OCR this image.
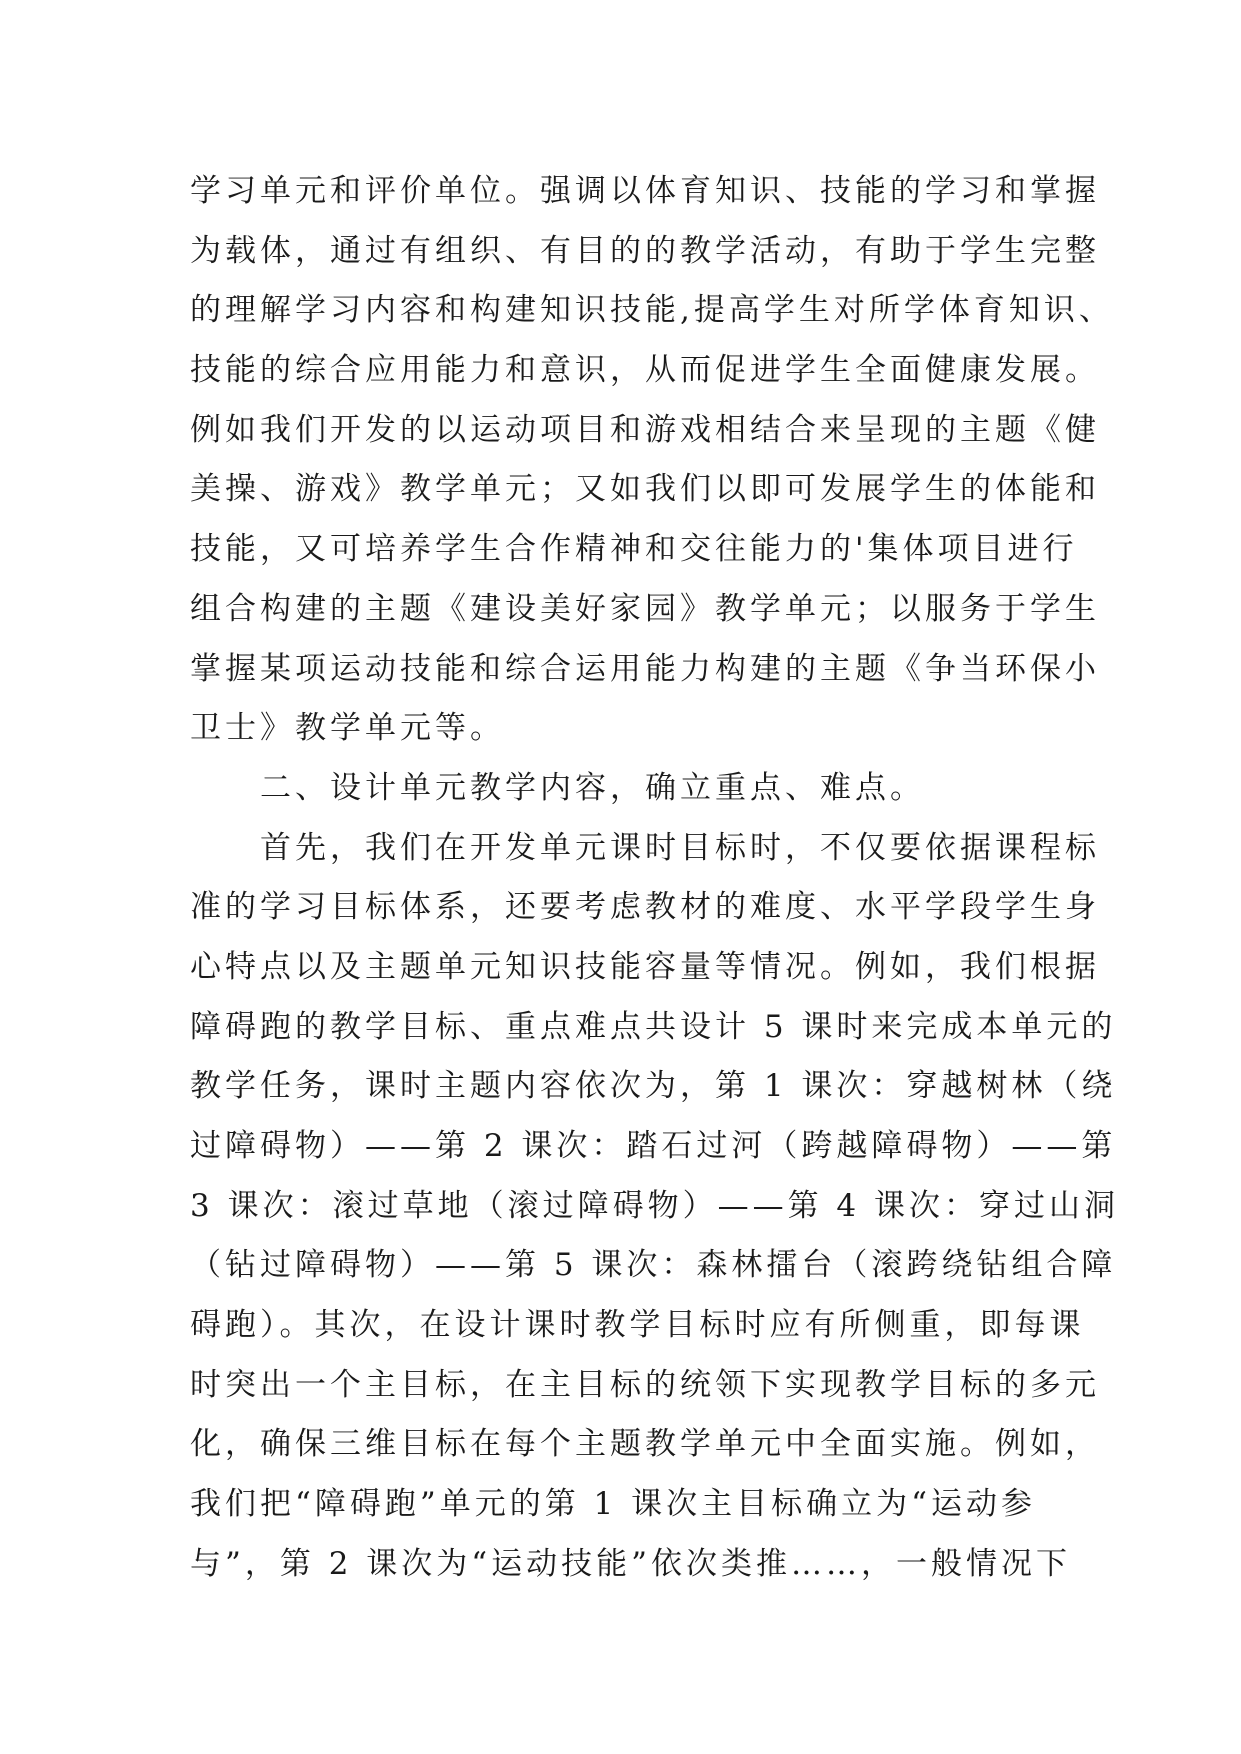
学习单元和评价单位。强调以体育知识、技能的学习和掌握
为载体，通过有组织、有目的的教学活动，有助于学生完整
的理解学习内容和构建知识技能,提高学生对所学体育知识、
技能的综合应用能力和意识，从而促进学生全面健康发展。
例如我们开发的以运动项目和游戏相结合来呈现的主题《健
美操、游戏》教学单元；又如我们以即可发展学生的体能和
技能，又可培养学生合作精神和交往能力的'集体项目进行
组合构建的主题《建设美好家园》教学单元；以服务于学生
掌握某项运动技能和综合运用能力构建的主题《争当环保小
卫士》教学单元等。
　　二、设计单元教学内容，确立重点、难点。
　　首先，我们在开发单元课时目标时，不仅要依据课程标
准的学习目标体系，还要考虑教材的难度、水平学段学生身
心特点以及主题单元知识技能容量等情况。例如，我们根据
障碍跑的教学目标、重点难点共设计 5 课时来完成本单元的
教学任务，课时主题内容依次为，第 1 课次：穿越树林（绕
过障碍物）——第 2 课次：踏石过河（跨越障碍物）——第
3 课次：滚过草地（滚过障碍物）——第 4 课次：穿过山洞
（钻过障碍物）——第 5 课次：森林擂台（滚跨绕钻组合障
碍跑）。其次，在设计课时教学目标时应有所侧重，即每课
时突出一个主目标，在主目标的统领下实现教学目标的多元
化，确保三维目标在每个主题教学单元中全面实施。例如，
我们把“障碍跑”单元的第 1 课次主目标确立为“运动参
与”，第 2 课次为“运动技能”依次类推……，一般情况下
